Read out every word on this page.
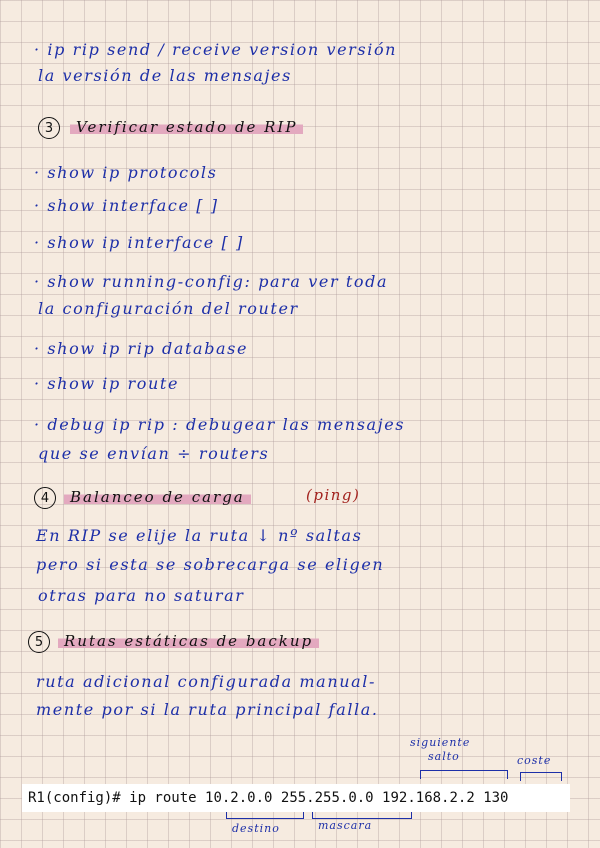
· ip rip send / receive version versión
la versión de las mensajes
3	Verificar estado de RIP
· show ip protocols
· show interface [ ]
· show ip interface [ ]
· show running-config: para ver toda
la configuración del router
· show ip rip database
· show ip route
· debug ip rip : debugear las mensajes
que se envían ÷ routers
4	Balanceo de carga	(ping)
En RIP se elije la ruta ↓ nº saltas
pero si esta se sobrecarga se eligen
otras para no saturar
5	Rutas estáticas de backup
ruta adicional configurada manual-
mente por si la ruta principal falla.
siguiente
salto	coste
R1(config)# ip route 10.2.0.0 255.255.0.0 192.168.2.2 130
destino	mascara
